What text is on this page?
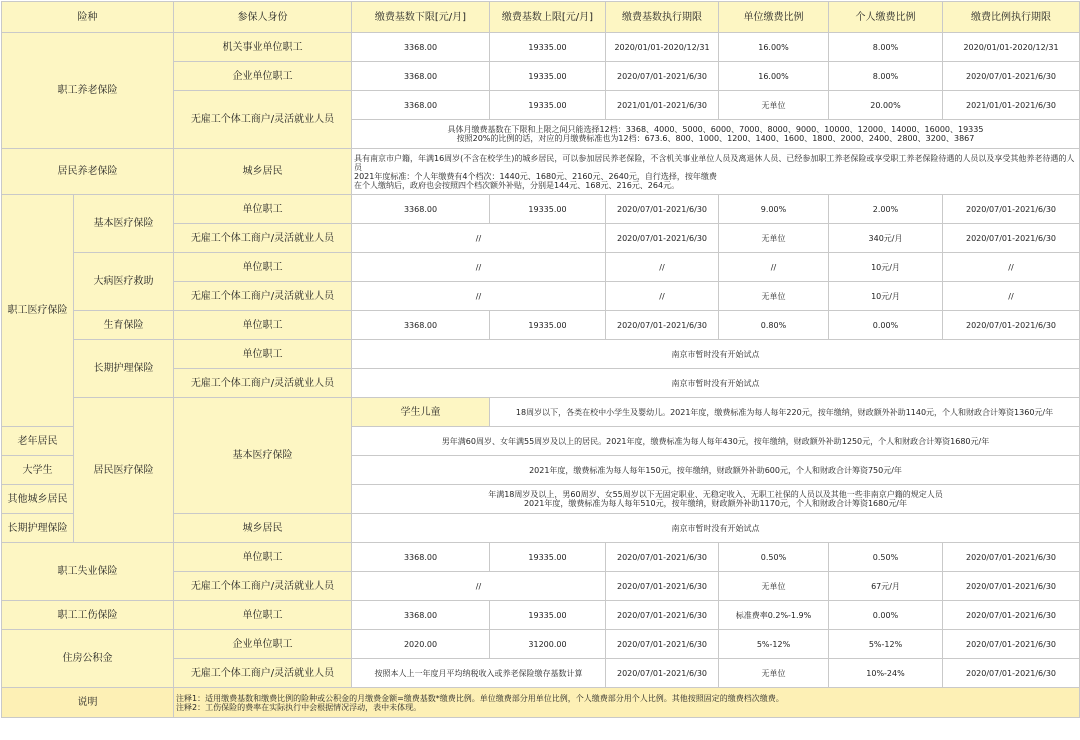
险种		参保人身份	缴费基数下限[元/月]	缴费基数上限[元/月]	缴费基数执行期限	单位缴费比例	个人缴费比例	缴费比例执行期限
职工养老保险		机关事业单位职工	3368.00	19335.00	2020/01/01-2020/12/31	16.00%	8.00%	2020/01/01-2020/12/31
		企业单位职工	3368.00	19335.00	2020/07/01-2021/6/30	16.00%	8.00%	2020/07/01-2021/6/30
		无雇工个体工商户/灵活就业人员	3368.00	19335.00	2021/01/01-2021/6/30	无单位	20.00%	2021/01/01-2021/6/30

			具体月缴费基数在下限和上限之间只能选择12档：3368、4000、5000、6000、7000、8000、9000、10000、12000、14000、16000、19335
按照20%的比例的话，对应的月缴费标准也为12档：673.6、800、1000、1200、1400、1600、1800、2000、2400、2800、3200、3867					

居民养老保险		城乡居民	具有南京市户籍，年满16周岁(不含在校学生)的城乡居民，可以参加居民养老保险，不含机关事业单位人员及离退休人员、已经参加职工养老保险或享受职工养老保险待遇的人员以及享受其他养老待遇的人员
2021年度标准：个人年缴费有4个档次：1440元、1680元、2160元、2640元，自行选择，按年缴费
在个人缴纳后，政府也会按照四个档次额外补贴，分别是144元、168元、216元、264元。					

职工医疗保险	基本医疗保险	单位职工	3368.00	19335.00	2020/07/01-2021/6/30	9.00%	2.00%	2020/07/01-2021/6/30
		无雇工个体工商户/灵活就业人员	//		2020/07/01-2021/6/30	无单位	340元/月	2020/07/01-2021/6/30
	大病医疗救助	单位职工	//		//	//	10元/月	//
		无雇工个体工商户/灵活就业人员	//		//	无单位	10元/月	//
	生育保险	单位职工	3368.00	19335.00	2020/07/01-2021/6/30	0.80%	0.00%	2020/07/01-2021/6/30
	长期护理保险	单位职工	南京市暂时没有开始试点					
		无雇工个体工商户/灵活就业人员	南京市暂时没有开始试点					
	居民医疗保险	基本医疗保险	学生儿童	18周岁以下，各类在校中小学生及婴幼儿。2021年度，缴费标准为每人每年220元，按年缴纳，财政额外补助1140元，个人和财政合计筹资1360元/年				
老年居民			男年满60周岁、女年满55周岁及以上的居民。2021年度，缴费标准为每人每年430元，按年缴纳，财政额外补助1250元，个人和财政合计筹资1680元/年					
大学生			2021年度，缴费标准为每人每年150元，按年缴纳，财政额外补助600元，个人和财政合计筹资750元/年					
其他城乡居民			年满18周岁及以上，男60周岁、女55周岁以下无固定职业、无稳定收入、无职工社保的人员以及其他一些非南京户籍的规定人员
2021年度，缴费标准为每人每年510元，按年缴纳，财政额外补助1170元，个人和财政合计筹资1680元/年					

长期护理保险		城乡居民	南京市暂时没有开始试点					
职工失业保险		单位职工	3368.00	19335.00	2020/07/01-2021/6/30	0.50%	0.50%	2020/07/01-2021/6/30
		无雇工个体工商户/灵活就业人员	//		2020/07/01-2021/6/30	无单位	67元/月	2020/07/01-2021/6/30
职工工伤保险		单位职工	3368.00	19335.00	2020/07/01-2021/6/30	标准费率0.2%-1.9%	0.00%	2020/07/01-2021/6/30
住房公积金		企业单位职工	2020.00	31200.00	2020/07/01-2021/6/30	5%-12%	5%-12%	2020/07/01-2021/6/30
		无雇工个体工商户/灵活就业人员	按照本人上一年度月平均纳税收入或养老保险缴存基数计算		2020/07/01-2021/6/30	无单位	10%-24%	2020/07/01-2021/6/30
说明		注释1：适用缴费基数和缴费比例的险种或公积金的月缴费金额=缴费基数*缴费比例。单位缴费部分用单位比例，个人缴费部分用个人比例。其他按照固定的缴费档次缴费。
注释2：工伤保险的费率在实际执行中会根据情况浮动，表中未体现。						
